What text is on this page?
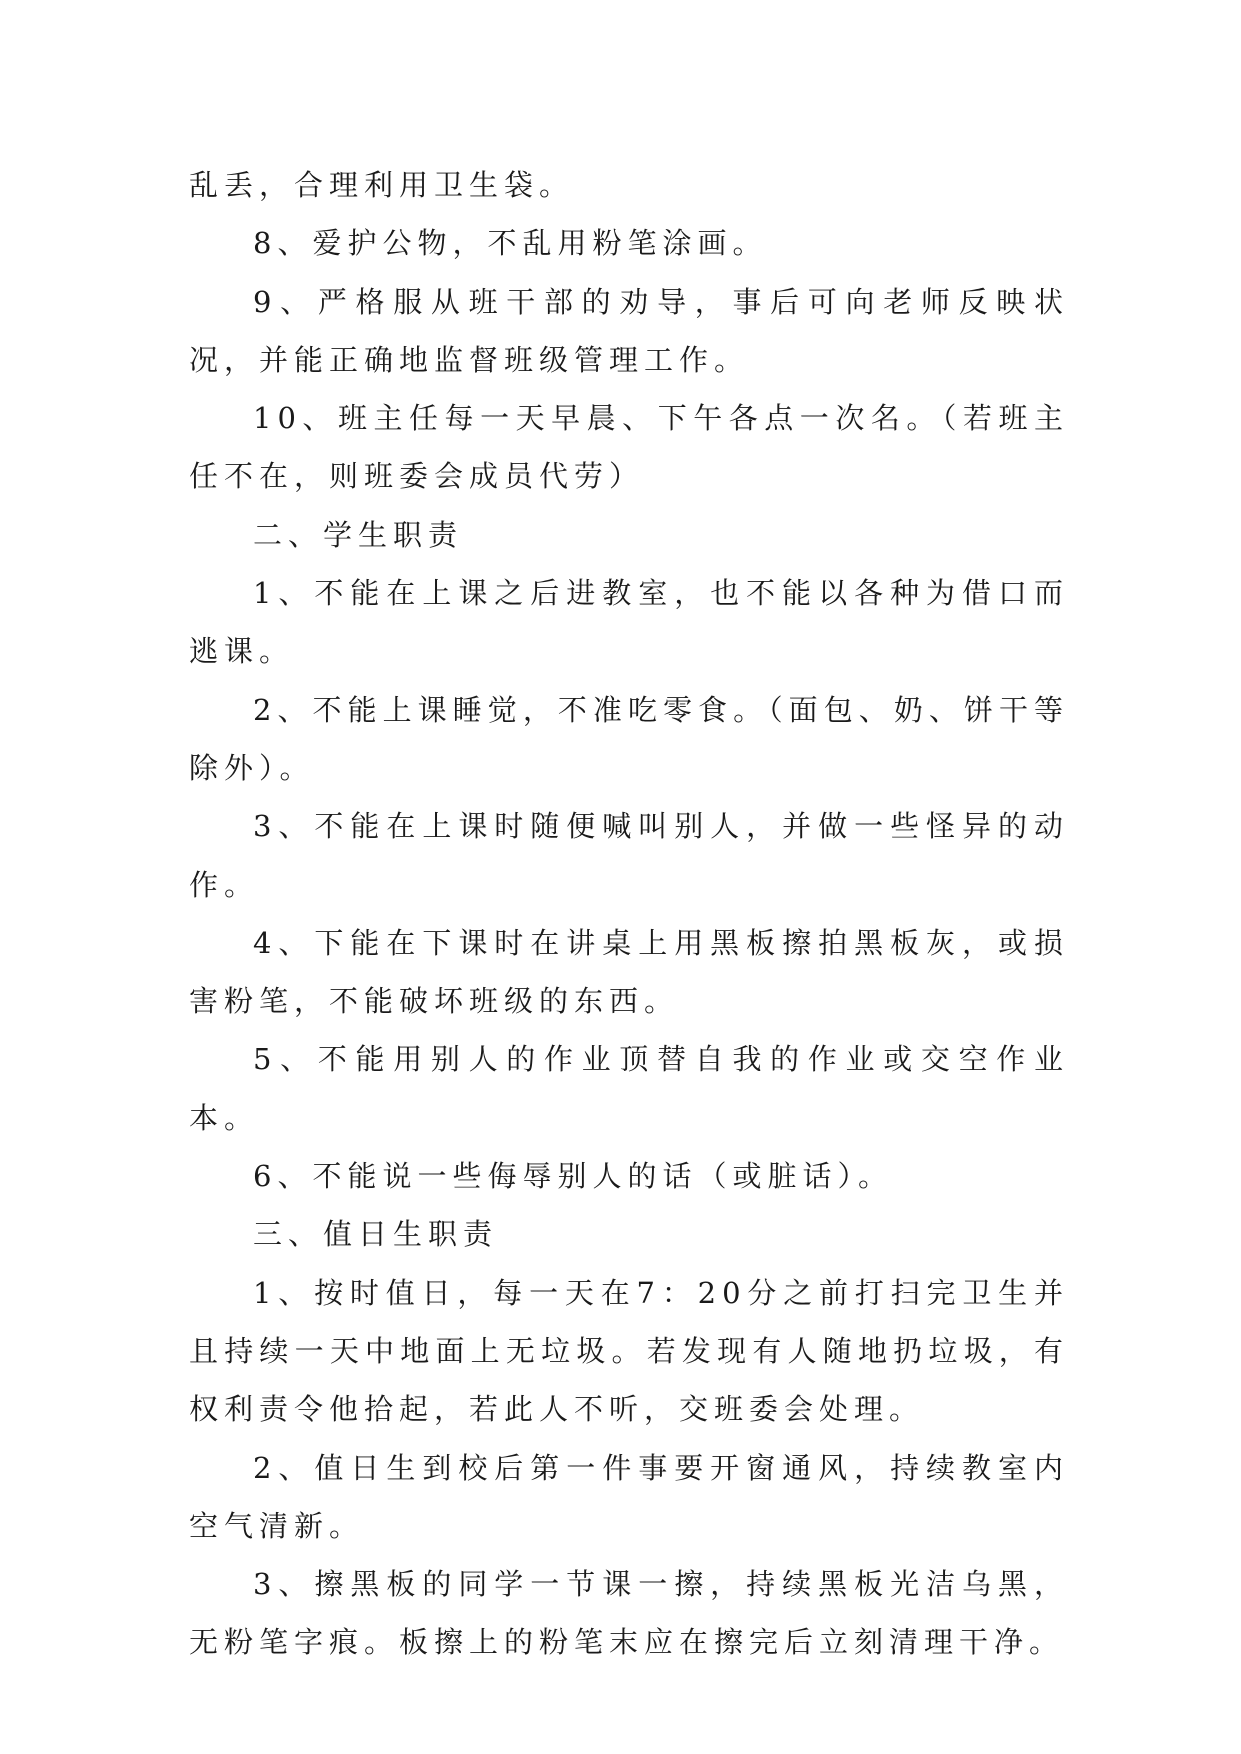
乱丢，合理利用卫生袋。

8、爱护公物，不乱用粉笔涂画。

9、严格服从班干部的劝导，事后可向老师反映状况，并能正确地监督班级管理工作。

10、班主任每一天早晨、下午各点一次名。（若班主任不在，则班委会成员代劳）

二、学生职责

1、不能在上课之后进教室，也不能以各种为借口而逃课。

2、不能上课睡觉，不准吃零食。（面包、奶、饼干等除外）。

3、不能在上课时随便喊叫别人，并做一些怪异的动作。

4、下能在下课时在讲桌上用黑板擦拍黑板灰，或损害粉笔，不能破坏班级的东西。

5、不能用别人的作业顶替自我的作业或交空作业本。

6、不能说一些侮辱别人的话（或脏话）。

三、值日生职责

1、按时值日，每一天在7：20分之前打扫完卫生并且持续一天中地面上无垃圾。若发现有人随地扔垃圾，有权利责令他拾起，若此人不听，交班委会处理。

2、值日生到校后第一件事要开窗通风，持续教室内空气清新。

3、擦黑板的同学一节课一擦，持续黑板光洁乌黑，无粉笔字痕。板擦上的粉笔末应在擦完后立刻清理干净。
